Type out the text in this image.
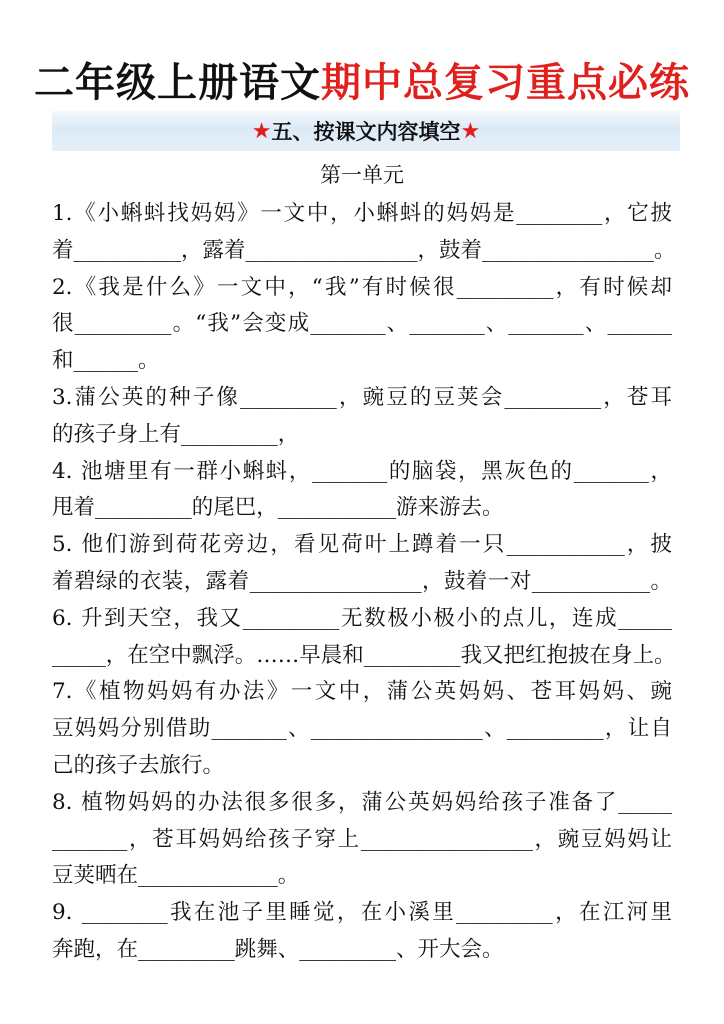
二年级上册语文期中总复习重点必练
★ 五、按课文内容填空 ★
第一单元
1.《小蝌蚪找妈妈》一文中，小蝌蚪的妈妈是________，它披
着__________，露着________________，鼓着________________。
2.《我是什么》一文中，“我”有时候很_________，有时候却
很_________。“我”会变成_______、_______、_______、______
和______。
3.蒲公英的种子像_________，豌豆的豆荚会_________，苍耳
的孩子身上有_________，
4. 池塘里有一群小蝌蚪，_______的脑袋，黑灰色的_______，
甩着_________的尾巴，___________游来游去。
5. 他们游到荷花旁边，看见荷叶上蹲着一只___________，披
着碧绿的衣装，露着________________，鼓着一对___________。
6. 升到天空，我又_________无数极小极小的点儿，连成_____
_____，在空中飘浮。……早晨和_________我又把红抱披在身上。
7.《植物妈妈有办法》一文中，蒲公英妈妈、苍耳妈妈、豌
豆妈妈分别借助_______、________________、_________，让自
己的孩子去旅行。
8. 植物妈妈的办法很多很多，蒲公英妈妈给孩子准备了_____
_______，苍耳妈妈给孩子穿上________________，豌豆妈妈让
豆荚晒在_____________。
9. ________我在池子里睡觉，在小溪里_________，在江河里
奔跑，在_________跳舞、_________、开大会。
